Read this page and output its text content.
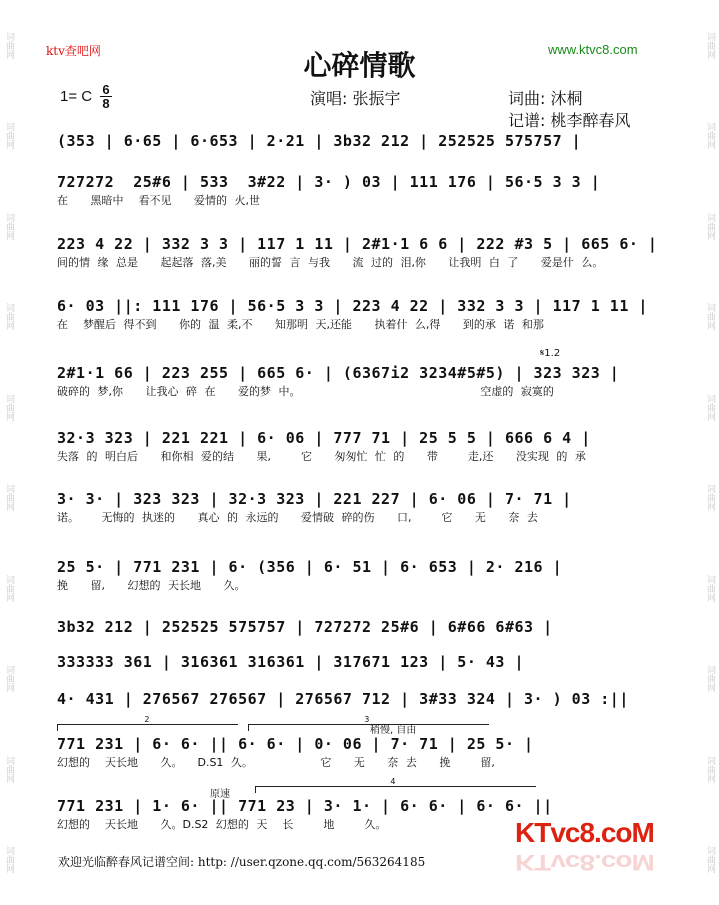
词曲网
词曲网
词曲网
词曲网
词曲网
词曲网
词曲网
词曲网
词曲网
词曲网
词曲网
词曲网
词曲网
词曲网
词曲网
词曲网
词曲网
词曲网
词曲网
词曲网
ktv查吧网	www.ktvc8.com
心碎情歌
1= C 6
8	演唱: 张振宇	词曲: 沐桐
记谱: 桃李醉春风
(353 | 6·65 | 6·653 | 2·21 | 3b32 212 | 252525 575757 |
727272  25#6 | 533  3#22 | 3· ) 03 | 111 176 | 56·5 3 3 |
在   黑暗中  看不见   爱情的 火,世
223 4 22 | 332 3 3 | 117 1 11 | 2#1·1 6 6 | 222 #3 5 | 665 6· |
间的情 缘 总是   起起落 落,美   丽的誓 言 与我   流 过的 泪,你   让我明 白 了   爱是什 么。
6· 03 ||: 111 176 | 56·5 3 3 | 223 4 22 | 332 3 3 | 117 1 11 |
在  梦醒后 得不到   你的 温 柔,不   知那明 天,还能   执着什 么,得   到的承 诺 和那
2#1·1 66 | 223 255 | 665 6· | (6367i2 3234#5#5) | 323 323 |
破碎的 梦,你   让我心 碎 在   爱的梦 中。                        空虚的 寂寞的
32·3 323 | 221 221 | 6· 06 | 777 71 | 25 5 5 | 666 6 4 |
失落 的 明白后   和你相 爱的结   果,    它   匆匆忙 忙 的   带    走,还   没实现 的 承
3· 3· | 323 323 | 32·3 323 | 221 227 | 6· 06 | 7· 71 |
诺。   无悔的 执迷的   真心 的 永远的   爱情破 碎的伤   口,    它   无   奈 去
25 5· | 771 231 | 6· (356 | 6· 51 | 6· 653 | 2· 216 |
挽   留,   幻想的 天长地   久。
3b32 212 | 252525 575757 | 727272 25#6 | 6#66 6#63 |
333333 361 | 316361 316361 | 317671 123 | 5· 43 |
4· 431 | 276567 276567 | 276567 712 | 3#33 324 | 3· ) 03 :||
771 231 | 6· 6· || 6· 6· | 0· 06 | 7· 71 | 25 5· |
幻想的  天长地   久。  D.S1 久。         它   无   奈 去   挽    留,
771 231 | 1· 6· || 771 23 | 3· 1· | 6· 6· | 6· 6· ||
幻想的  天长地   久。D.S2 幻想的 天  长    地    久。
𝄋1.2
2	3
4
稍慢, 自由
原速
欢迎光临醉春风记谱空间: http: //user.qzone.qq.com/563264185
KTvc8.coM
KTvc8.coM
